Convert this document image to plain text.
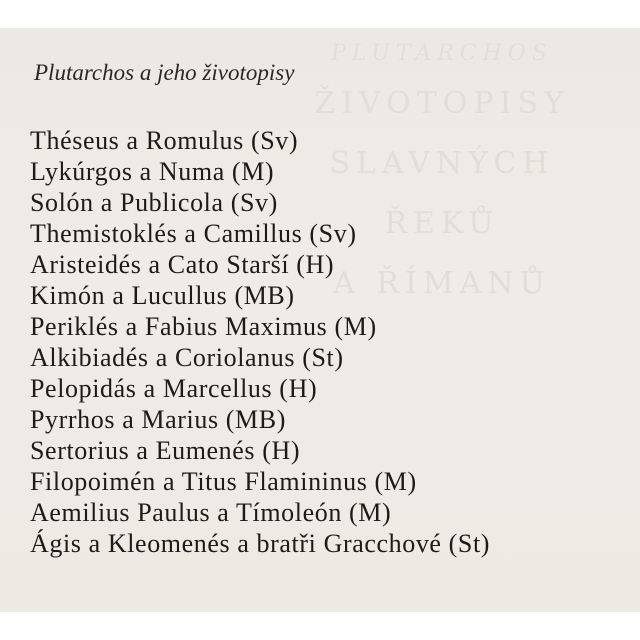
PLUTARCHOS
ŽIVOTOPISY
SLAVNÝCH
ŘEKŮ
A ŘÍMANŮ
Plutarchos a jeho životopisy
Théseus a Romulus (Sv)
Lykúrgos a Numa (M)
Solón a Publicola (Sv)
Themistoklés a Camillus (Sv)
Aristeidés a Cato Starší (H)
Kimón a Lucullus (MB)
Periklés a Fabius Maximus (M)
Alkibiadés a Coriolanus (St)
Pelopidás a Marcellus (H)
Pyrrhos a Marius (MB)
Sertorius a Eumenés (H)
Filopoimén a Titus Flamininus (M)
Aemilius Paulus a Tímoleón (M)
Ágis a Kleomenés a bratři Gracchové (St)
